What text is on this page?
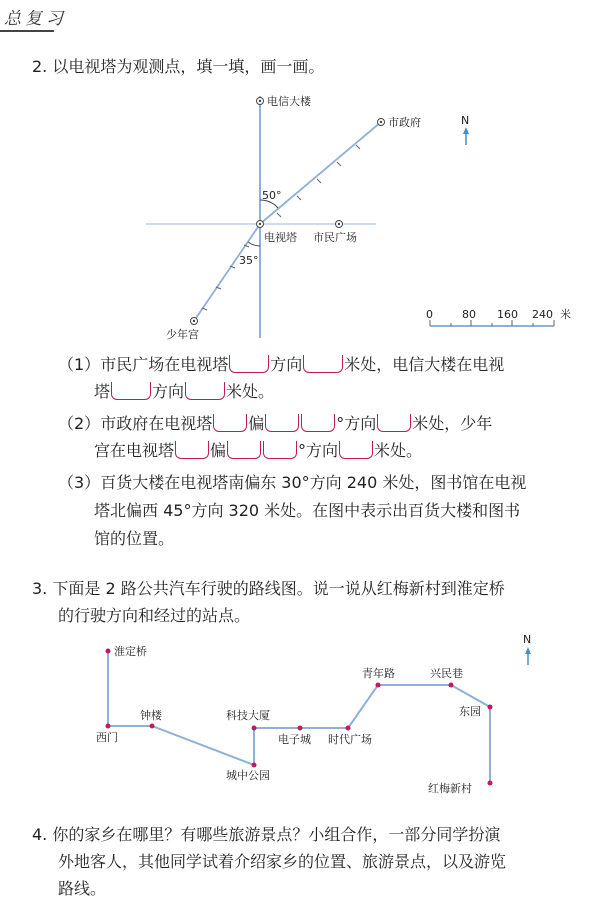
总复习
2. 以电视塔为观测点，填一填，画一画。
50°
35°
电信大楼
市政府
电视塔 市民广场
少年宫
N
0	80 160 240 米
淮定桥
西门
钟楼
城中公园
科技大厦
电子城 时代广场
青年路	兴民巷
东园
红梅新村
N
（1）市民广场在电视塔	方向	米处，电信大楼在电视
塔	方向	米处。
（2）市政府在电视塔 偏	°方向 米处，少年
宫在电视塔 偏	°方向 米处。
（3）百货大楼在电视塔南偏东 30°方向 240 米处，图书馆在电视
塔北偏西 45°方向 320 米处。在图中表示出百货大楼和图书
馆的位置。
3. 下面是 2 路公共汽车行驶的路线图。说一说从红梅新村到淮定桥
的行驶方向和经过的站点。
4. 你的家乡在哪里？有哪些旅游景点？小组合作，一部分同学扮演
外地客人，其他同学试着介绍家乡的位置、旅游景点，以及游览
路线。
